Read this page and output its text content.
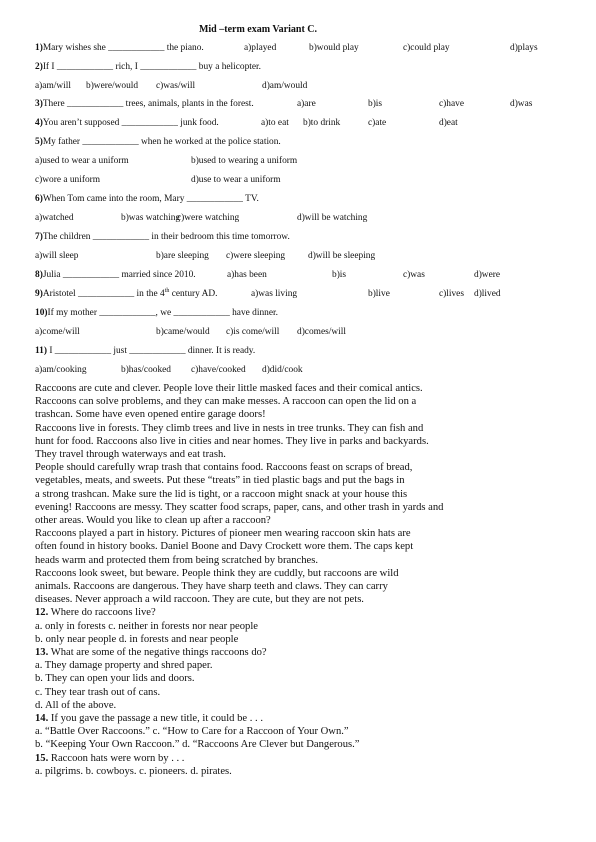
Mid –term exam Variant C.
1)Mary wishes she ____________ the piano.	a)played	b)would play	c)could play	d)plays
2)If I ____________ rich, I ____________ buy a helicopter.
a)am/will b)were/would c)was/will	d)am/would
3)There ____________ trees, animals, plants in the forest.	a)are	b)is	c)have	d)was
4)You aren’t supposed ____________ junk food.	a)to eat b)to drink	c)ate	d)eat
5)My father ____________ when he worked at the police station.
a)used to wear a uniform	b)used to wearing a uniform
c)wore a uniform	d)use to wear a uniform
6)When Tom came into the room, Mary ____________ TV.
a)watched	b)was watching
c)were watching	d)will be watching
7)The children ____________ in their bedroom this time tomorrow.
a)will sleep	b)are sleeping c)were sleeping d)will be sleeping
8)Julia ____________ married since 2010.	a)has been	b)is	c)was	d)were
9)Aristotel ____________ in the 4th century AD.	a)was living	b)live	c)lives d)lived
10)If my mother ____________, we ____________ have dinner.
a)come/will	b)came/would c)is come/will d)comes/will
11) I ____________ just ____________ dinner. It is ready.
a)am/cooking	b)has/cooked c)have/cooked d)did/cook
Raccoons are cute and clever. People love their little masked faces and their comical antics.
Raccoons can solve problems, and they can make messes. A raccoon can open the lid on a
trashcan. Some have even opened entire garage doors!
Raccoons live in forests. They climb trees and live in nests in tree trunks. They can fish and
hunt for food. Raccoons also live in cities and near homes. They live in parks and backyards.
They travel through waterways and eat trash.
People should carefully wrap trash that contains food. Raccoons feast on scraps of bread,
vegetables, meats, and sweets. Put these “treats” in tied plastic bags and put the bags in
a strong trashcan. Make sure the lid is tight, or a raccoon might snack at your house this
evening! Raccoons are messy. They scatter food scraps, paper, cans, and other trash in yards and
other areas. Would you like to clean up after a raccoon?
Raccoons played a part in history. Pictures of pioneer men wearing raccoon skin hats are
often found in history books. Daniel Boone and Davy Crockett wore them. The caps kept
heads warm and protected them from being scratched by branches.
Raccoons look sweet, but beware. People think they are cuddly, but raccoons are wild
animals. Raccoons are dangerous. They have sharp teeth and claws. They can carry
diseases. Never approach a wild raccoon. They are cute, but they are not pets.
12. Where do raccoons live?
a. only in forests c. neither in forests nor near people
b. only near people d. in forests and near people
13. What are some of the negative things raccoons do?
a. They damage property and shred paper.
b. They can open your lids and doors.
c. They tear trash out of cans.
d. All of the above.
14. If you gave the passage a new title, it could be . . .
a. “Battle Over Raccoons.” c. “How to Care for a Raccoon of Your Own.”
b. “Keeping Your Own Raccoon.” d. “Raccoons Are Clever but Dangerous.”
15. Raccoon hats were worn by . . .
a. pilgrims. b. cowboys. c. pioneers. d. pirates.
